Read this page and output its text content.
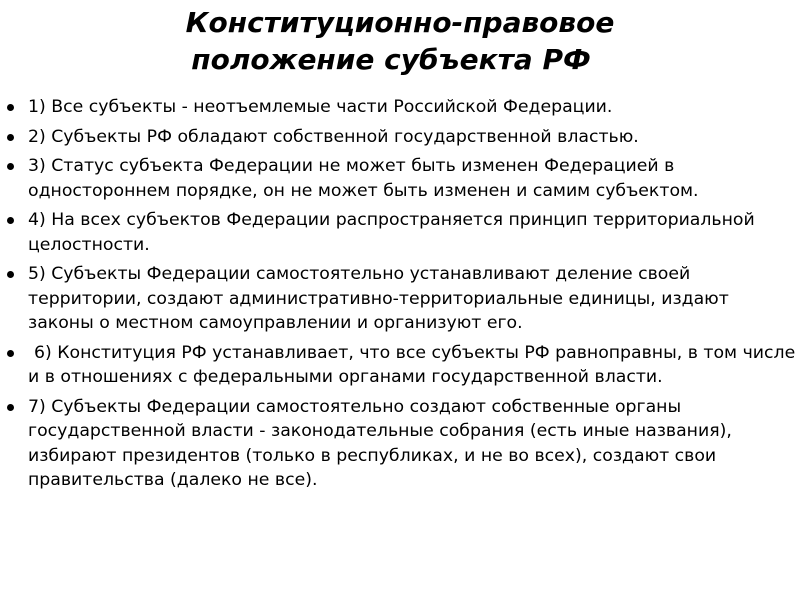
Конституционно-правовое
положение субъекта РФ
1) Все субъекты - неотъемлемые части Российской Федерации.
2) Субъекты РФ обладают собственной государственной властью.
3) Статус субъекта Федерации не может быть изменен Федерацией в одностороннем порядке, он не может быть изменен и самим субъектом.
4) На всех субъектов Федерации распространяется принцип территориальной целостности.
5) Субъекты Федерации самостоятельно устанавливают деление своей территории, создают административно-территориальные единицы, издают законы о местном самоуправлении и организуют его.
6) Конституция РФ устанавливает, что все субъекты РФ равноправны, в том числе и в отношениях с федеральными органами государственной власти.
7) Субъекты Федерации самостоятельно создают собственные органы государственной власти - законодательные собрания (есть иные названия), избирают президентов (только в республиках, и не во всех), создают свои правительства (далеко не все).
